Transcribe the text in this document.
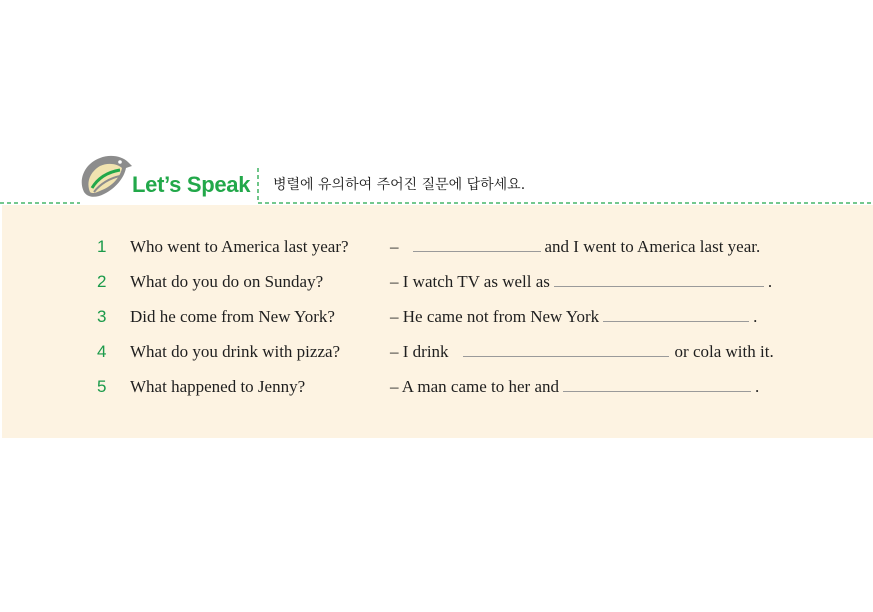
Let’s Speak 병렬에 유의하여 주어진 질문에 답하세요.
1 Who went to America last year? –	and I went to America last year.
2 What do you do on Sunday?	– I watch TV as well as	.
3 Did he come from New York?	– He came not from New York	.
4 What do you drink with pizza?	– I drink	or cola with it.
5 What happened to Jenny?	– A man came to her and	.
